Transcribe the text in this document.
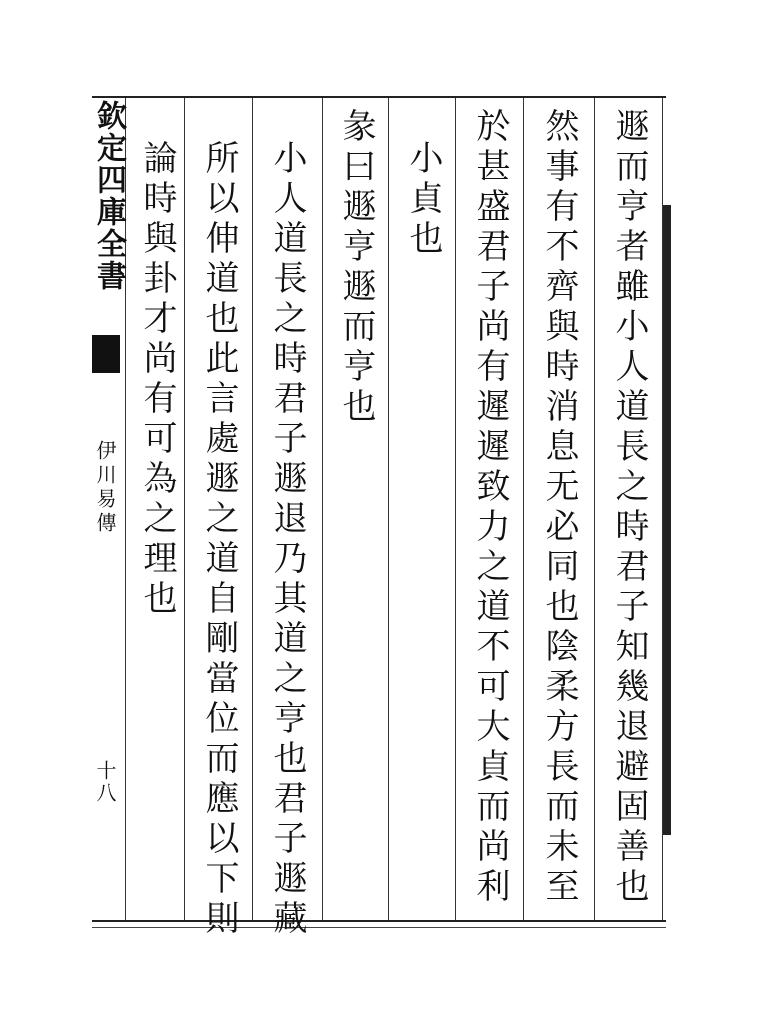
欽定四庫全書
伊川易傳
十八	遯而亨者雖小人道長之時君子知幾退避固善也
然事有不齊與時消息无必同也陰柔方長而未至
於甚盛君子尚有遲遲致力之道不可大貞而尚利
小貞也
彖曰遯亨遯而亨也
小人道長之時君子遯退乃其道之亨也君子遯藏
所以伸道也此言處遯之道自剛當位而應以下則
論時與卦才尚有可為之理也
